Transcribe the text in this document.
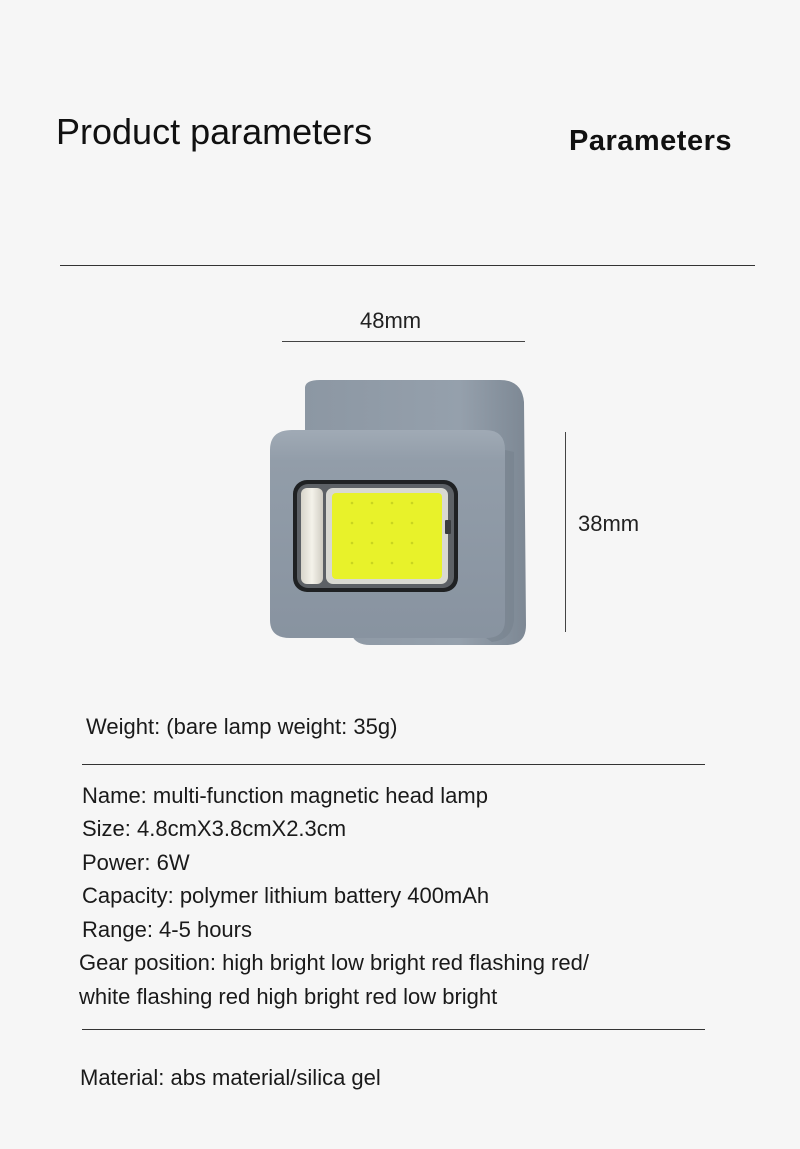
Product parameters	Parameters
48mm
38mm
Weight: (bare lamp weight: 35g)
Name: multi-function magnetic head lamp
Size: 4.8cmX3.8cmX2.3cm
Power: 6W
Capacity: polymer lithium battery 400mAh
Range: 4-5 hours
Gear position: high bright low bright red flashing red/
white flashing red high bright red low bright
Material: abs material/silica gel
